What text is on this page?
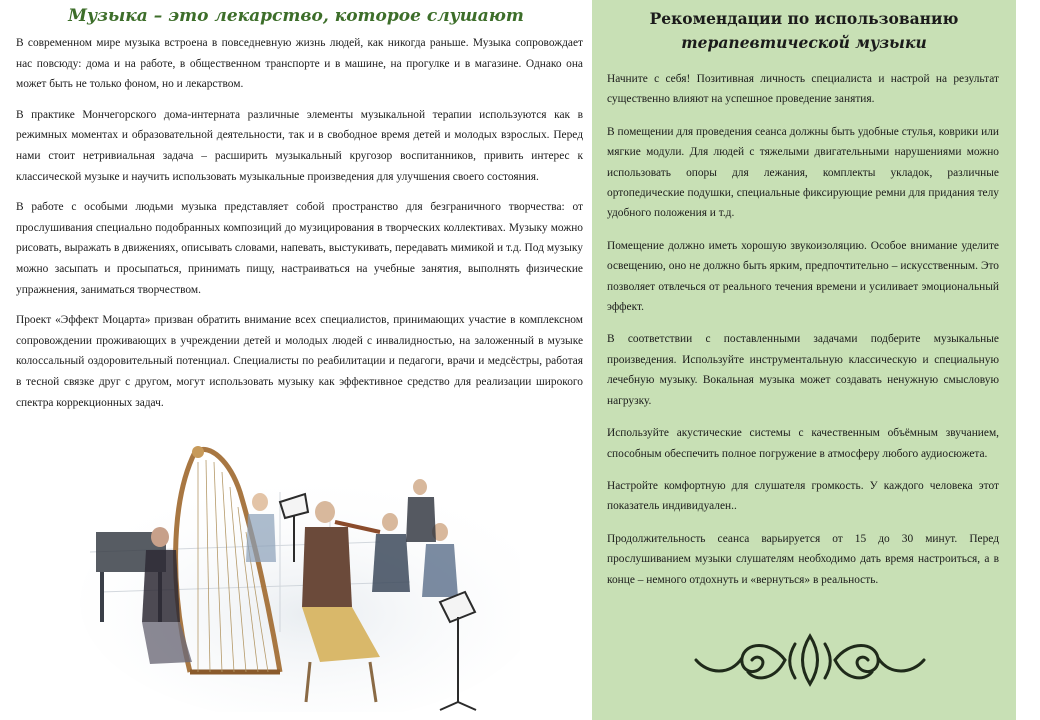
Музыка – это лекарство, которое слушают

В современном мире музыка встроена в повседневную жизнь людей, как никогда раньше. Музыка сопровождает нас повсюду: дома и на работе, в общественном транспорте и в машине, на прогулке и в магазине. Однако она может быть не только фоном, но и лекарством.

В практике Мончегорского дома-интерната различные элементы музыкальной терапии используются как в режимных моментах и образовательной деятельности, так и в свободное время детей и молодых взрослых. Перед нами стоит нетривиальная задача – расширить музыкальный кругозор воспитанников, привить интерес к классической музыке и научить использовать музыкальные произведения для улучшения своего состояния.

В работе с особыми людьми музыка представляет собой пространство для безграничного творчества: от прослушивания специально подобранных композиций до музицирования в творческих коллективах. Музыку можно рисовать, выражать в движениях, описывать словами, напевать, выстукивать, передавать мимикой и т.д. Под музыку можно засыпать и просыпаться, принимать пищу, настраиваться на учебные занятия, выполнять физические упражнения, заниматься творчеством.

Проект «Эффект Моцарта» призван обратить внимание всех специалистов, принимающих участие в комплексном сопровождении проживающих в учреждении детей и молодых людей с инвалидностью, на заложенный в музыке колоссальный оздоровительный потенциал. Специалисты по реабилитации и педагоги, врачи и медсёстры, работая в тесной связке друг с другом, могут использовать музыку как эффективное средство для реализации широкого спектра коррекционных задач.

Рекомендации по использованию
терапевтической музыки

Начните с себя! Позитивная личность специалиста и настрой на результат существенно влияют на успешное проведение занятия.

В помещении для проведения сеанса должны быть удобные стулья, коврики или мягкие модули. Для людей с тяжелыми двигательными нарушениями можно использовать опоры для лежания, комплекты укладок, различные ортопедические подушки, специальные фиксирующие ремни для придания телу удобного положения и т.д.

Помещение должно иметь хорошую звукоизоляцию. Особое внимание уделите освещению, оно не должно быть ярким, предпочтительно – искусственным. Это позволяет отвлечься от реального течения времени и усиливает эмоциональный эффект.

В соответствии с поставленными задачами подберите музыкальные произведения. Используйте инструментальную классическую и специальную лечебную музыку. Вокальная музыка может создавать ненужную смысловую нагрузку.

Используйте акустические системы с качественным объёмным звучанием, способным обеспечить полное погружение в атмосферу любого аудиосюжета.

Настройте комфортную для слушателя громкость. У каждого человека этот показатель индивидуален..

Продолжительность сеанса варьируется от 15 до 30 минут. Перед прослушиванием музыки слушателям необходимо дать время настроиться, а в конце – немного отдохнуть и «вернуться» в реальность.
